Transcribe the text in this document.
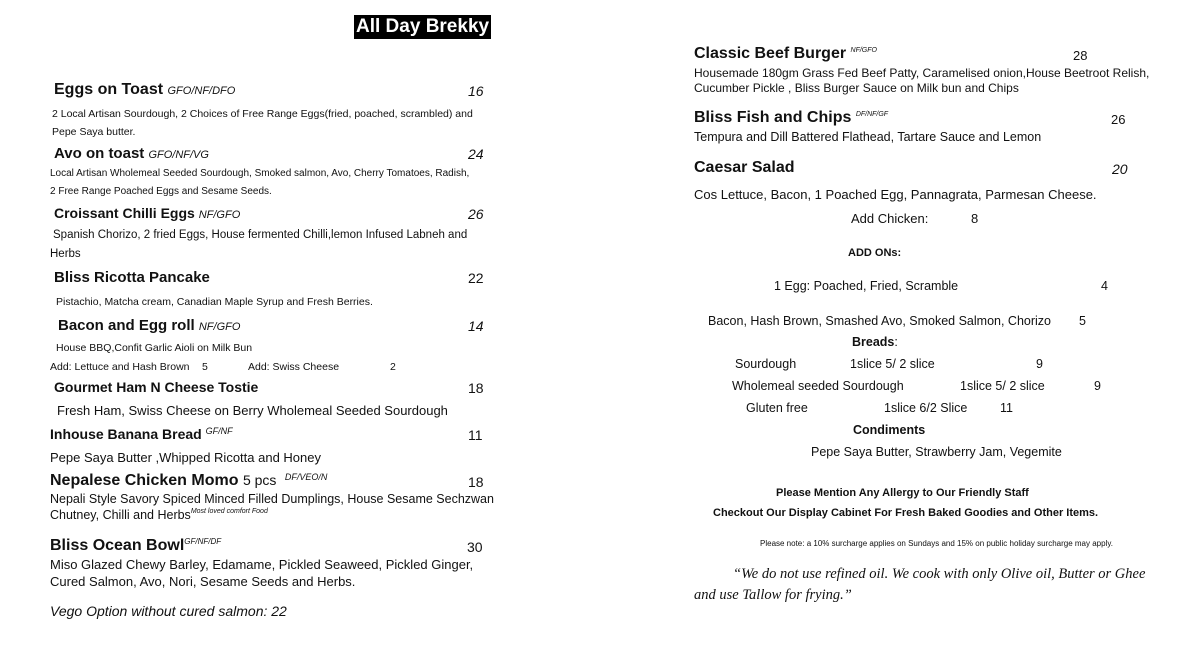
All Day Brekky
Eggs on Toast GFO/NF/DFO	16
2 Local Artisan Sourdough, 2 Choices of Free Range Eggs(fried, poached, scrambled) and
Pepe Saya butter.
Avo on toast GFO/NF/VG	24
Local Artisan Wholemeal Seeded Sourdough, Smoked salmon, Avo, Cherry Tomatoes, Radish,
2 Free Range Poached Eggs and Sesame Seeds.
Croissant Chilli Eggs NF/GFO	26
Spanish Chorizo, 2 fried Eggs, House fermented Chilli,lemon Infused Labneh and
Herbs
Bliss Ricotta Pancake	22
Pistachio, Matcha cream, Canadian Maple Syrup and Fresh Berries.
Bacon and Egg roll NF/GFO	14
House BBQ,Confit Garlic Aioli on Milk Bun
Add: Lettuce and Hash Brown 5	Add: Swiss Cheese	2
Gourmet Ham N Cheese Tostie	18
Fresh Ham, Swiss Cheese on Berry Wholemeal Seeded Sourdough
Inhouse Banana Bread $^{GF/NF}$	11
Pepe Saya Butter ,Whipped Ricotta and Honey
Nepalese Chicken Momo 5 pcs $^{DF/VEO/N}$	18
Nepali Style Savory Spiced Minced Filled Dumplings, House Sesame Sechzwan
Chutney, Chilli and Herbs$^{Most loved comfort Food}$
Bliss Ocean Bowl$^{GF/NF/DF}$	30
Miso Glazed Chewy Barley, Edamame, Pickled Seaweed, Pickled Ginger,
Cured Salmon, Avo, Nori, Sesame Seeds and Herbs.
Vego Option without cured salmon: 22
Classic Beef Burger $^{NF/GFO}$	28
Housemade 180gm Grass Fed Beef Patty, Caramelised onion,House Beetroot Relish,
Cucumber Pickle , Bliss Burger Sauce on Milk bun and Chips
Bliss Fish and Chips $^{DF/NF/GF}$	26
Tempura and Dill Battered Flathead, Tartare Sauce and Lemon
Caesar Salad	20
Cos Lettuce, Bacon, 1 Poached Egg, Pannagrata, Parmesan Cheese.
Add Chicken:	8
ADD ONs:
1 Egg: Poached, Fried, Scramble	4
Bacon, Hash Brown, Smashed Avo, Smoked Salmon, Chorizo 5
Breads:
Sourdough	1slice 5/ 2 slice	9
Wholemeal seeded Sourdough	1slice 5/ 2 slice	9
Gluten free	1slice 6/2 Slice	11
Condiments
Pepe Saya Butter, Strawberry Jam, Vegemite
Please Mention Any Allergy to Our Friendly Staff
Checkout Our Display Cabinet For Fresh Baked Goodies and Other Items.
Please note: a 10% surcharge applies on Sundays and 15% on public holiday surcharge may apply.
“We do not use refined oil. We cook with only Olive oil, Butter or Ghee
and use Tallow for frying.”
